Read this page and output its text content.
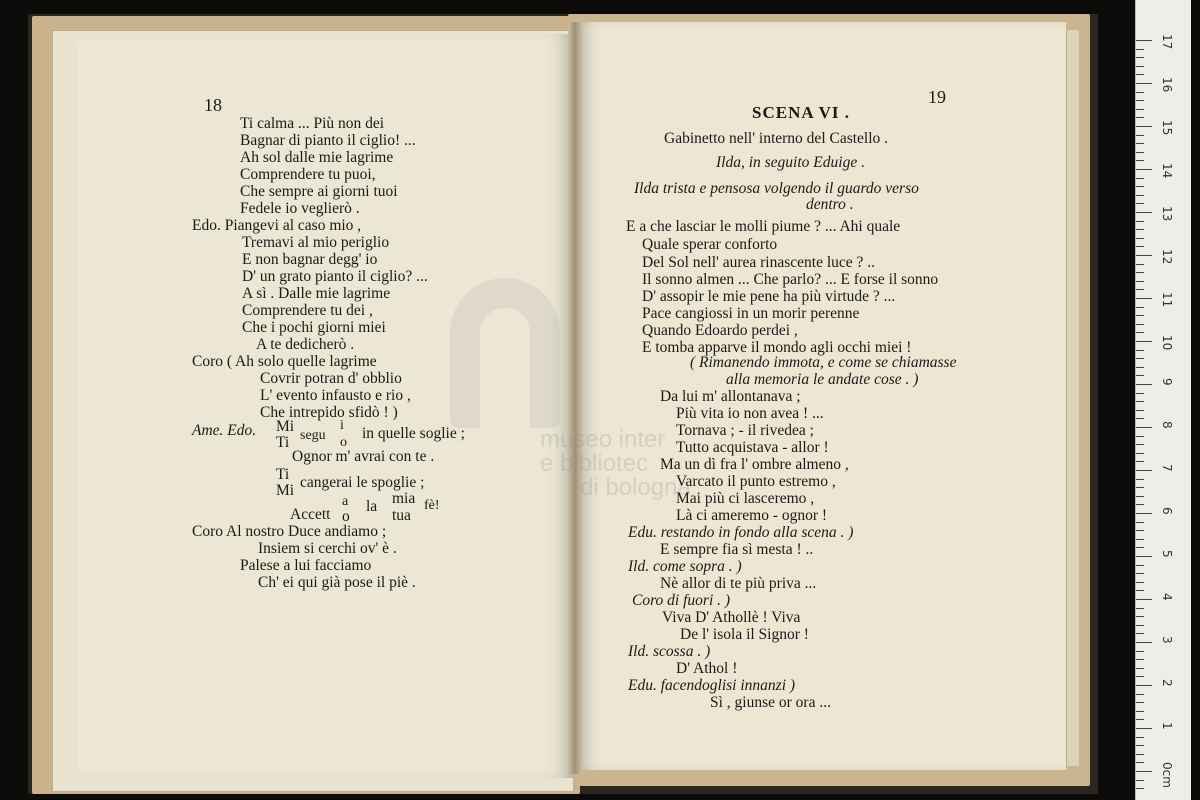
museo inter
e bibliotec
di bologna
18
Ti calma ... Più non dei
Bagnar di pianto il ciglio! ...
Ah sol dalle mie lagrime
Comprendere tu puoi,
Che sempre ai giorni tuoi
Fedele io veglierò .
Edo. Piangevi al caso mio ,
Tremavi al mio periglio
E non bagnar degg' io
D' un grato pianto il ciglio? ...
A sì . Dalle mie lagrime
Comprendere tu dei ,
Che i pochi giorni miei
A te dedicherò .
Coro ( Ah solo quelle lagrime
Covrir potran d' obblio
L' evento infausto e rio ,
Che intrepido sfidò ! )
Ame. Edo. Mi
Ti segu
i
o
in quelle soglie ;
Ognor m' avrai con te .
Ti
Mi cangerai le spoglie ;
a
Accett o
la mia
tua
fè!
Coro Al nostro Duce andiamo ;
Insiem si cerchi ov' è .
Palese a lui facciamo
Ch' ei qui già pose il piè .
19
SCENA VI .
Gabinetto nell' interno del Castello .
Ilda, in seguito Eduige .
Ilda trista e pensosa volgendo il guardo verso
dentro .
E a che lasciar le molli piume ? ... Ahi quale
Quale sperar conforto
Del Sol nell' aurea rinascente luce ? ..
Il sonno almen ... Che parlo? ... E forse il sonno
D' assopir le mie pene ha più virtude ? ...
Pace cangiossi in un morir perenne
Quando Edoardo perdei ,
E tomba apparve il mondo agli occhi miei !
( Rimanendo immota, e come se chiamasse
alla memoria le andate cose . )
Da lui m' allontanava ;
Più vita io non avea ! ...
Tornava ; - il rivedea ;
Tutto acquistava - allor !
Ma un dì fra l' ombre almeno ,
Varcato il punto estremo ,
Mai più ci lasceremo ,
Là ci ameremo - ognor !
Edu. restando in fondo alla scena . )
E sempre fia sì mesta ! ..
Ild. come sopra . )
Nè allor di te più priva ...
Coro di fuori . )
Viva D' Athollè ! Viva
De l' isola il Signor !
Ild. scossa . )
D' Athol !
Edu. facendoglisi innanzi )
Sì , giunse or ora ...
17
16
15
14
13
12
11
10
9
8
7
6
5
4
3
2
1
0cm
